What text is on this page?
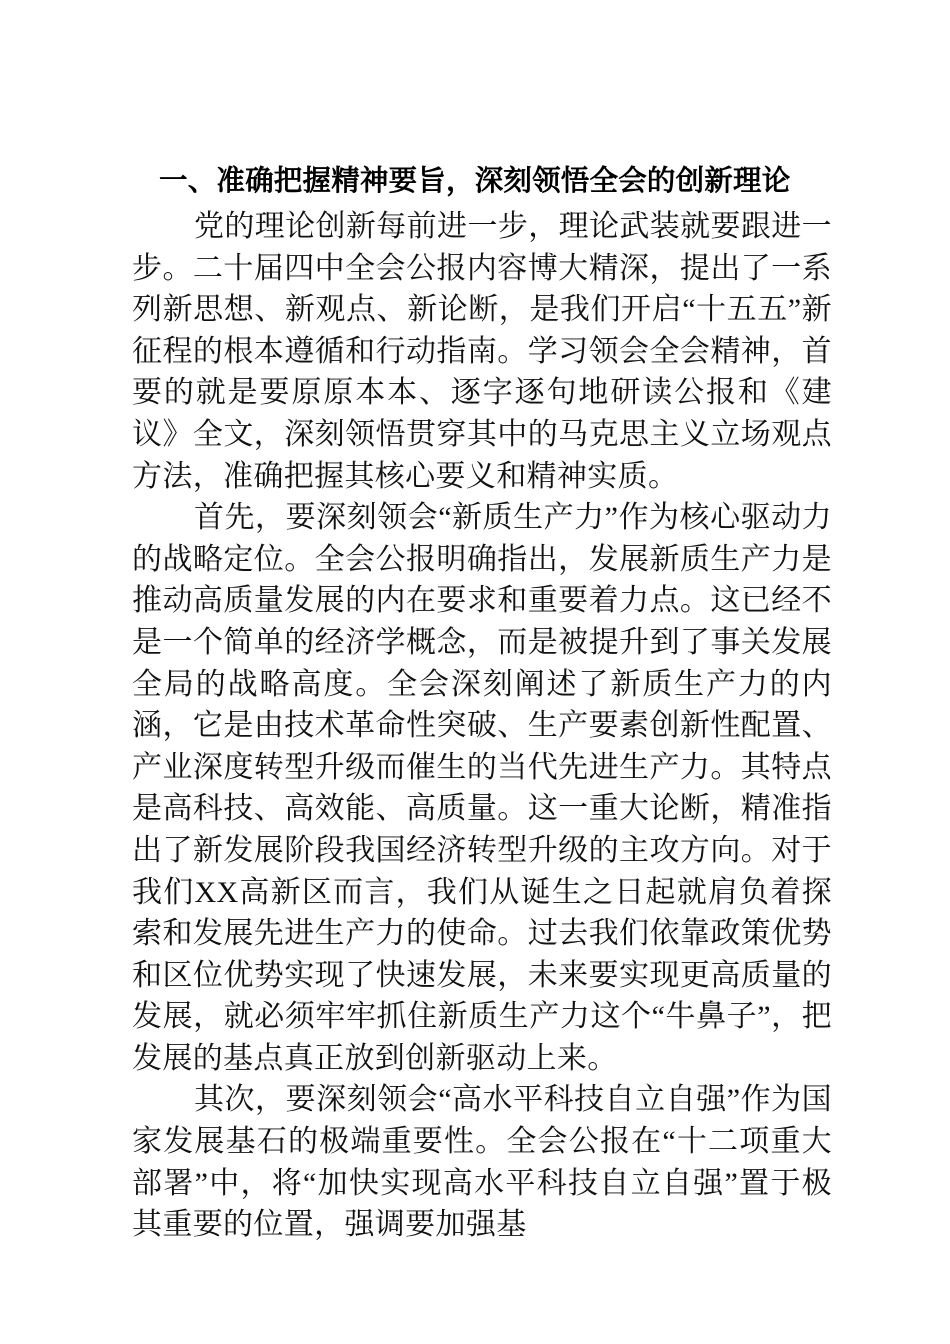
一、准确把握精神要旨，深刻领悟全会的创新理论

党的理论创新每前进一步，理论武装就要跟进一步。二十届四中全会公报内容博大精深，提出了一系列新思想、新观点、新论断，是我们开启“十五五”新征程的根本遵循和行动指南。学习领会全会精神，首要的就是要原原本本、逐字逐句地研读公报和《建议》全文，深刻领悟贯穿其中的马克思主义立场观点方法，准确把握其核心要义和精神实质。

首先，要深刻领会“新质生产力”作为核心驱动力的战略定位。全会公报明确指出，发展新质生产力是推动高质量发展的内在要求和重要着力点。这已经不是一个简单的经济学概念，而是被提升到了事关发展全局的战略高度。全会深刻阐述了新质生产力的内涵，它是由技术革命性突破、生产要素创新性配置、产业深度转型升级而催生的当代先进生产力。其特点是高科技、高效能、高质量。这一重大论断，精准指出了新发展阶段我国经济转型升级的主攻方向。对于我们XX高新区而言，我们从诞生之日起就肩负着探索和发展先进生产力的使命。过去我们依靠政策优势和区位优势实现了快速发展，未来要实现更高质量的发展，就必须牢牢抓住新质生产力这个“牛鼻子”，把发展的基点真正放到创新驱动上来。

其次，要深刻领会“高水平科技自立自强”作为国家发展基石的极端重要性。全会公报在“十二项重大部署”中，将“加快实现高水平科技自立自强”置于极其重要的位置，强调要加强基
